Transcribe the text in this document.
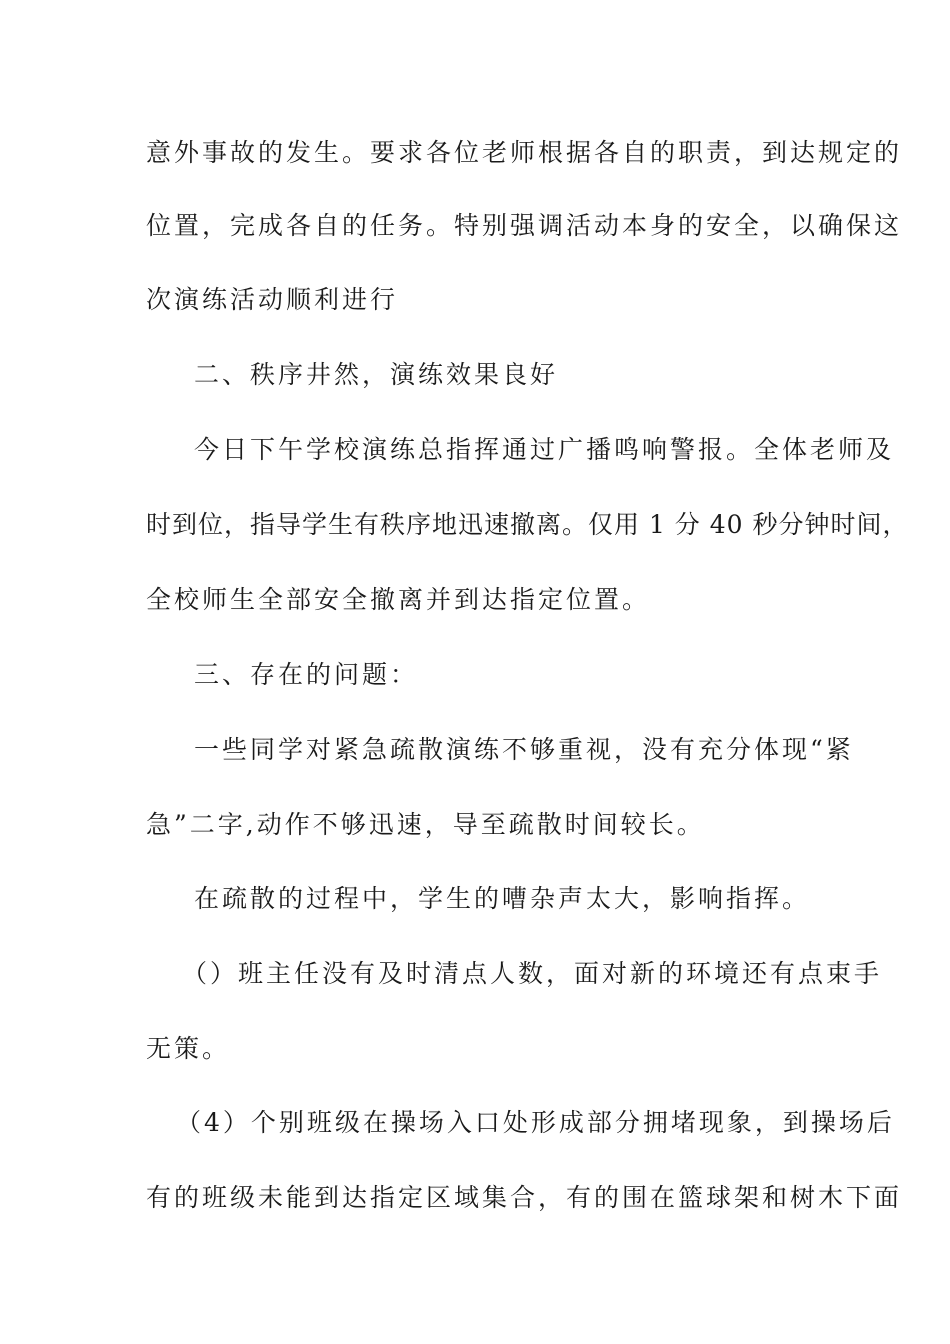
意外事故的发生。要求各位老师根据各自的职责，到达规定的
位置，完成各自的任务。特别强调活动本身的安全，以确保这
次演练活动顺利进行
二、秩序井然，演练效果良好
今日下午学校演练总指挥通过广播鸣响警报。全体老师及
时到位，指导学生有秩序地迅速撤离。仅用 1 分 40 秒分钟时间，
全校师生全部安全撤离并到达指定位置。
三、存在的问题：
一些同学对紧急疏散演练不够重视，没有充分体现“紧
急”二字,动作不够迅速，导至疏散时间较长。
在疏散的过程中，学生的嘈杂声太大，影响指挥。
（）班主任没有及时清点人数，面对新的环境还有点束手
无策。
（4）个别班级在操场入口处形成部分拥堵现象，到操场后
有的班级未能到达指定区域集合，有的围在篮球架和树木下面
